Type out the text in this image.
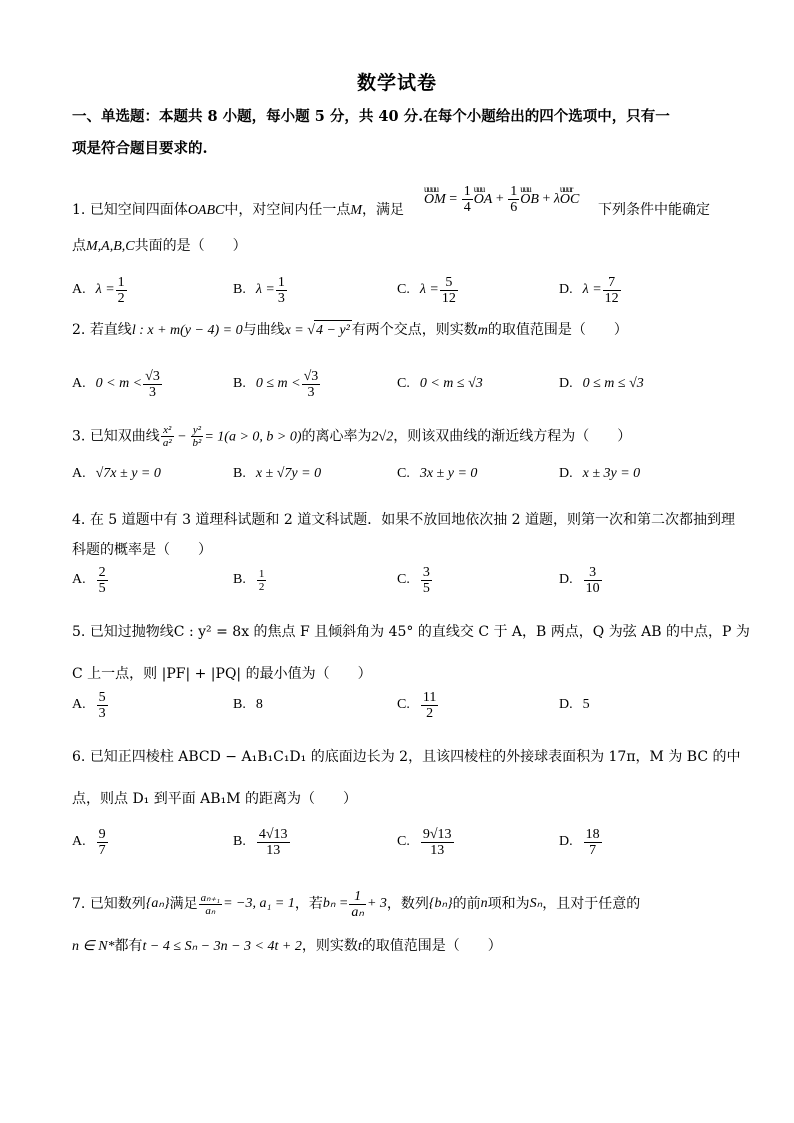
数学试卷
一、单选题：本题共 8 小题，每小题 5 分，共 40 分.在每个小题给出的四个选项中，只有一
项是符合题目要求的.
1. 已知空间四面体OABC中，对空间内任一点M，满足
uuuu
OM = $\frac{1}{4}$ uuu
OA + $\frac{1}{6}$ uuu
OB + λ
uuur
OC
下列条件中能确定
点M,A,B,C共面的是（　　）
A. $\lambda = \frac{1}{2}$	B. $\lambda = \frac{1}{3}$	C. $\lambda = \frac{5}{12}$	D. $\lambda = \frac{7}{12}$
2. 若直线l : x + m(y − 4) = 0与曲线x = √4 − y² 有两个交点，则实数m的取值范围是（　　）
A. $0 < m < \frac{√3}{3}$	B. $0 \le m < \frac{√3}{3}$	C. 0 < m ≤ √3	D. 0 ≤ m ≤ √3
3. 已知双曲线 $\frac{\text{x²}}{\text{a²}} - \frac{\text{y²}}{\text{b²}} = 1(a > 0$, b > 0)的离心率为2√2，则该双曲线的渐近线方程为（　　）
A. √7x ± y = 0	B. x ± √7y = 0	C. 3x ± y = 0	D. x ± 3y = 0
4. 在 5 道题中有 3 道理科试题和 2 道文科试题．如果不放回地依次抽 2 道题，则第一次和第二次都抽到理
科题的概率是（　　）
A. $\frac{2}{5}$	B. $\frac{1}{2}$	C. $\frac{3}{5}$	D. $\frac{3}{10}$
5. 已知过抛物线C : y² = 8x 的焦点 F 且倾斜角为 45° 的直线交 C 于 A，B 两点，Q 为弦 AB 的中点，P 为
C 上一点，则 |PF| + |PQ| 的最小值为（　　）
A. $\frac{5}{3}$	B. 8	C. $\frac{11}{2}$	D. 5
6. 已知正四棱柱 ABCD − A₁B₁C₁D₁ 的底面边长为 2，且该四棱柱的外接球表面积为 17π，M 为 BC 的中
点，则点 D₁ 到平面 AB₁M 的距离为（　　）
A. $\frac{9}{7}$	B. $\frac{4√13}{13}$	C. $\frac{9√13}{13}$	D. $\frac{18}{7}$
7.
已知数列 {aₙ} 满足 $\frac{\text{aₙ₊₁}}{\text{aₙ}} = -3$, a₁ = 1 ，若 $b_n = \frac{1}{\text{aₙ}} + 3$ ，数列 {bₙ} 的前 n 项和为 Sₙ ，且对于任意的
n ∈ N*都有t − 4 ≤ Sₙ − 3n − 3 < 4t + 2，则实数t的取值范围是（　　）
